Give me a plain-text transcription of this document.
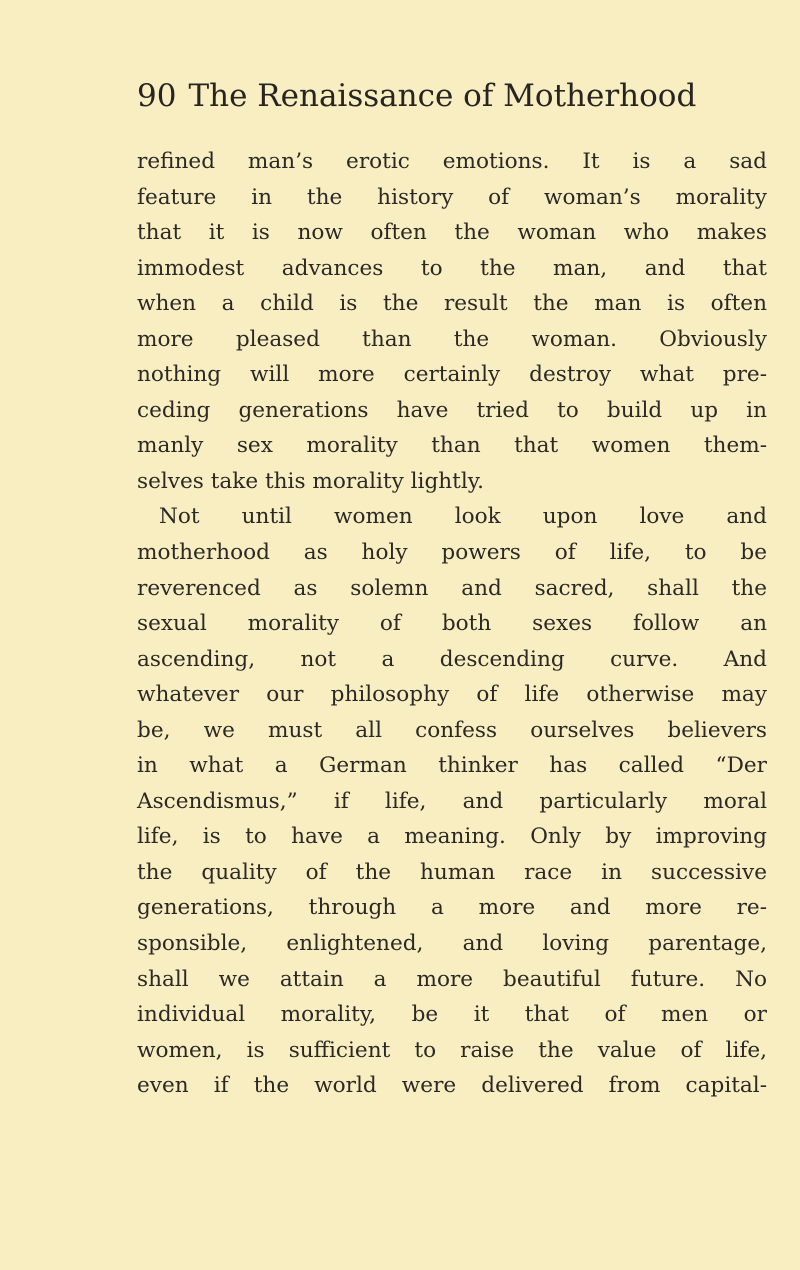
90 The Renaissance of Motherhood
refined man’s erotic emotions. It is a sad
feature in the history of woman’s morality
that it is now often the woman who makes
immodest advances to the man, and that
when a child is the result the man is often
more pleased than the woman. Obviously
nothing will more certainly destroy what pre-
ceding generations have tried to build up in
manly sex morality than that women them-
selves take this morality lightly.
Not until women look upon love and
motherhood as holy powers of life, to be
reverenced as solemn and sacred, shall the
sexual morality of both sexes follow an
ascending, not a descending curve. And
whatever our philosophy of life otherwise may
be, we must all confess ourselves believers
in what a German thinker has called “Der
Ascendismus,” if life, and particularly moral
life, is to have a meaning. Only by improving
the quality of the human race in successive
generations, through a more and more re-
sponsible, enlightened, and loving parentage,
shall we attain a more beautiful future. No
individual morality, be it that of men or
women, is sufficient to raise the value of life,
even if the world were delivered from capital-
